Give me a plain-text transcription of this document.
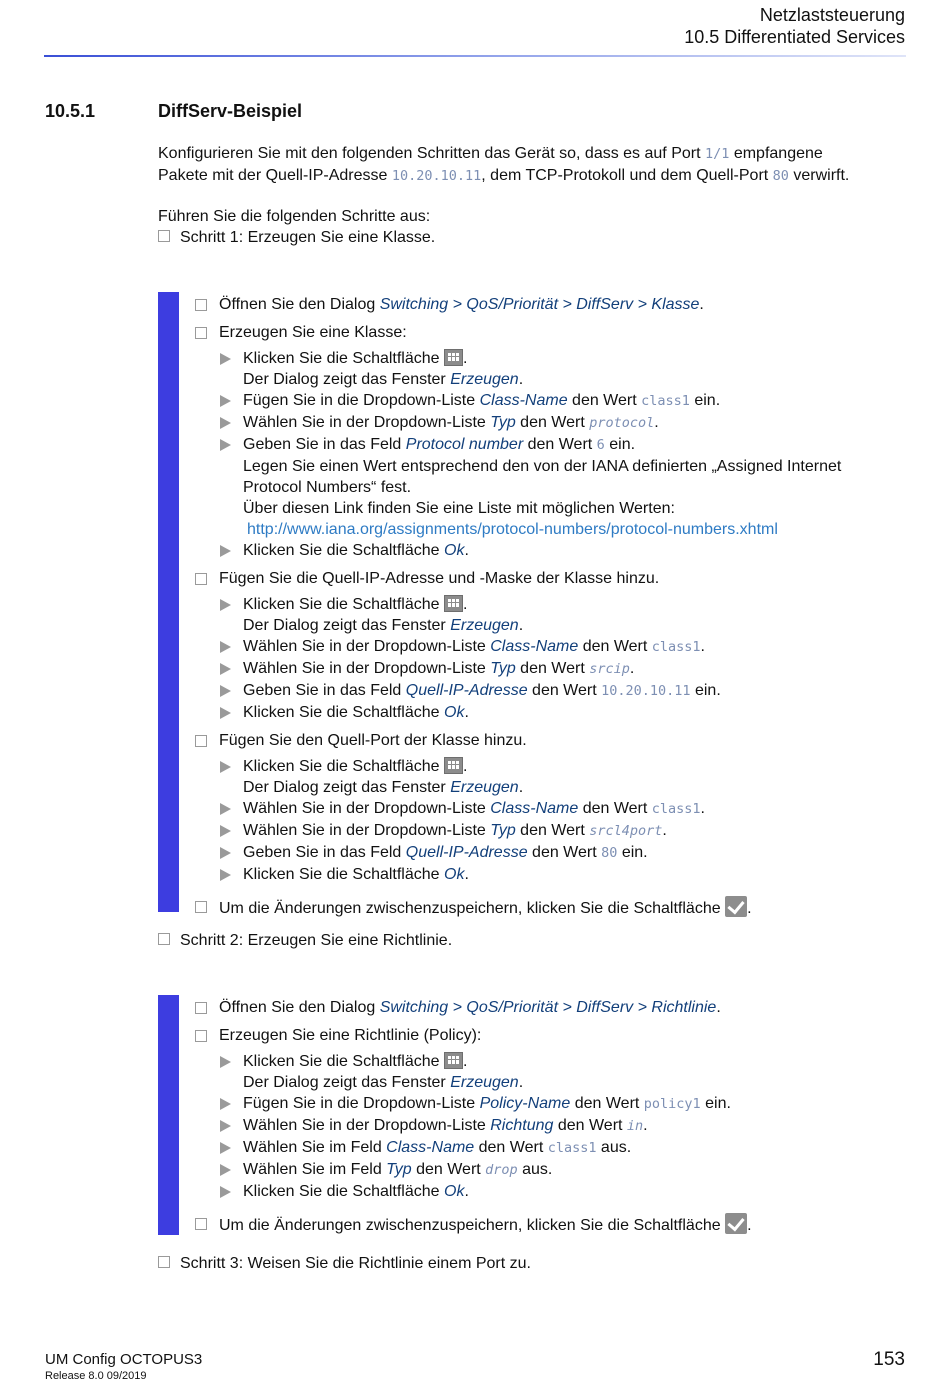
Netzlaststeuerung
10.5 Differentiated Services
10.5.1	DiffServ-Beispiel

Konfigurieren Sie mit den folgenden Schritten das Gerät so, dass es auf Port 1/1 empfangene

Pakete mit der Quell-IP-Adresse 10.20.10.11, dem TCP-Protokoll und dem Quell-Port 80 verwirft.

Führen Sie die folgenden Schritte aus:
Schritt 1: Erzeugen Sie eine Klasse.
Öffnen Sie den Dialog Switching > QoS/Priorität > DiffServ > Klasse.
Erzeugen Sie eine Klasse:
Klicken Sie die Schaltfläche .
Der Dialog zeigt das Fenster Erzeugen.
Fügen Sie in die Dropdown-Liste Class-Name den Wert class1 ein.
Wählen Sie in der Dropdown-Liste Typ den Wert protocol.
Geben Sie in das Feld Protocol number den Wert 6 ein.
Legen Sie einen Wert entsprechend den von der IANA definierten „Assigned Internet
Protocol Numbers“ fest.
Über diesen Link finden Sie eine Liste mit möglichen Werten:
http://www.iana.org/assignments/protocol-numbers/protocol-numbers.xhtml
Klicken Sie die Schaltfläche Ok.
Fügen Sie die Quell-IP-Adresse und -Maske der Klasse hinzu.
Klicken Sie die Schaltfläche .
Der Dialog zeigt das Fenster Erzeugen.
Wählen Sie in der Dropdown-Liste Class-Name den Wert class1.
Wählen Sie in der Dropdown-Liste Typ den Wert srcip.
Geben Sie in das Feld Quell-IP-Adresse den Wert 10.20.10.11 ein.
Klicken Sie die Schaltfläche Ok.
Fügen Sie den Quell-Port der Klasse hinzu.
Klicken Sie die Schaltfläche .
Der Dialog zeigt das Fenster Erzeugen.
Wählen Sie in der Dropdown-Liste Class-Name den Wert class1.
Wählen Sie in der Dropdown-Liste Typ den Wert srcl4port.
Geben Sie in das Feld Quell-IP-Adresse den Wert 80 ein.
Klicken Sie die Schaltfläche Ok.
Um die Änderungen zwischenzuspeichern, klicken Sie die Schaltfläche .
Schritt 2: Erzeugen Sie eine Richtlinie.
Öffnen Sie den Dialog Switching > QoS/Priorität > DiffServ > Richtlinie.
Erzeugen Sie eine Richtlinie (Policy):
Klicken Sie die Schaltfläche .
Der Dialog zeigt das Fenster Erzeugen.
Fügen Sie in die Dropdown-Liste Policy-Name den Wert policy1 ein.
Wählen Sie in der Dropdown-Liste Richtung den Wert in.
Wählen Sie im Feld Class-Name den Wert class1 aus.
Wählen Sie im Feld Typ den Wert drop aus.
Klicken Sie die Schaltfläche Ok.
Um die Änderungen zwischenzuspeichern, klicken Sie die Schaltfläche .
Schritt 3: Weisen Sie die Richtlinie einem Port zu.
UM Config OCTOPUS3
Release 8.0 09/2019
153
